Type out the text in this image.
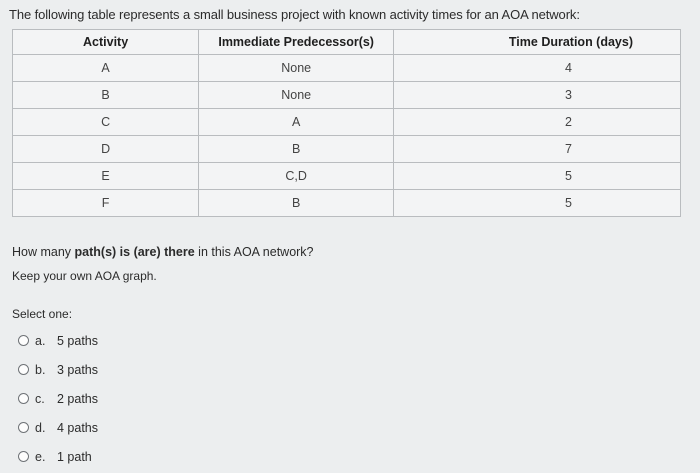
The following table represents a small business project with known activity times for an AOA network:
Activity	Immediate Predecessor(s)	Time Duration (days)
A	None	4
B	None	3
C	A	2
D	B	7
E	C,D	5
F	B	5
How many path(s) is (are) there in this AOA network?
Keep your own AOA graph.
Select one:
a. 5 paths
b. 3 paths
c. 2 paths
d. 4 paths
e. 1 path
